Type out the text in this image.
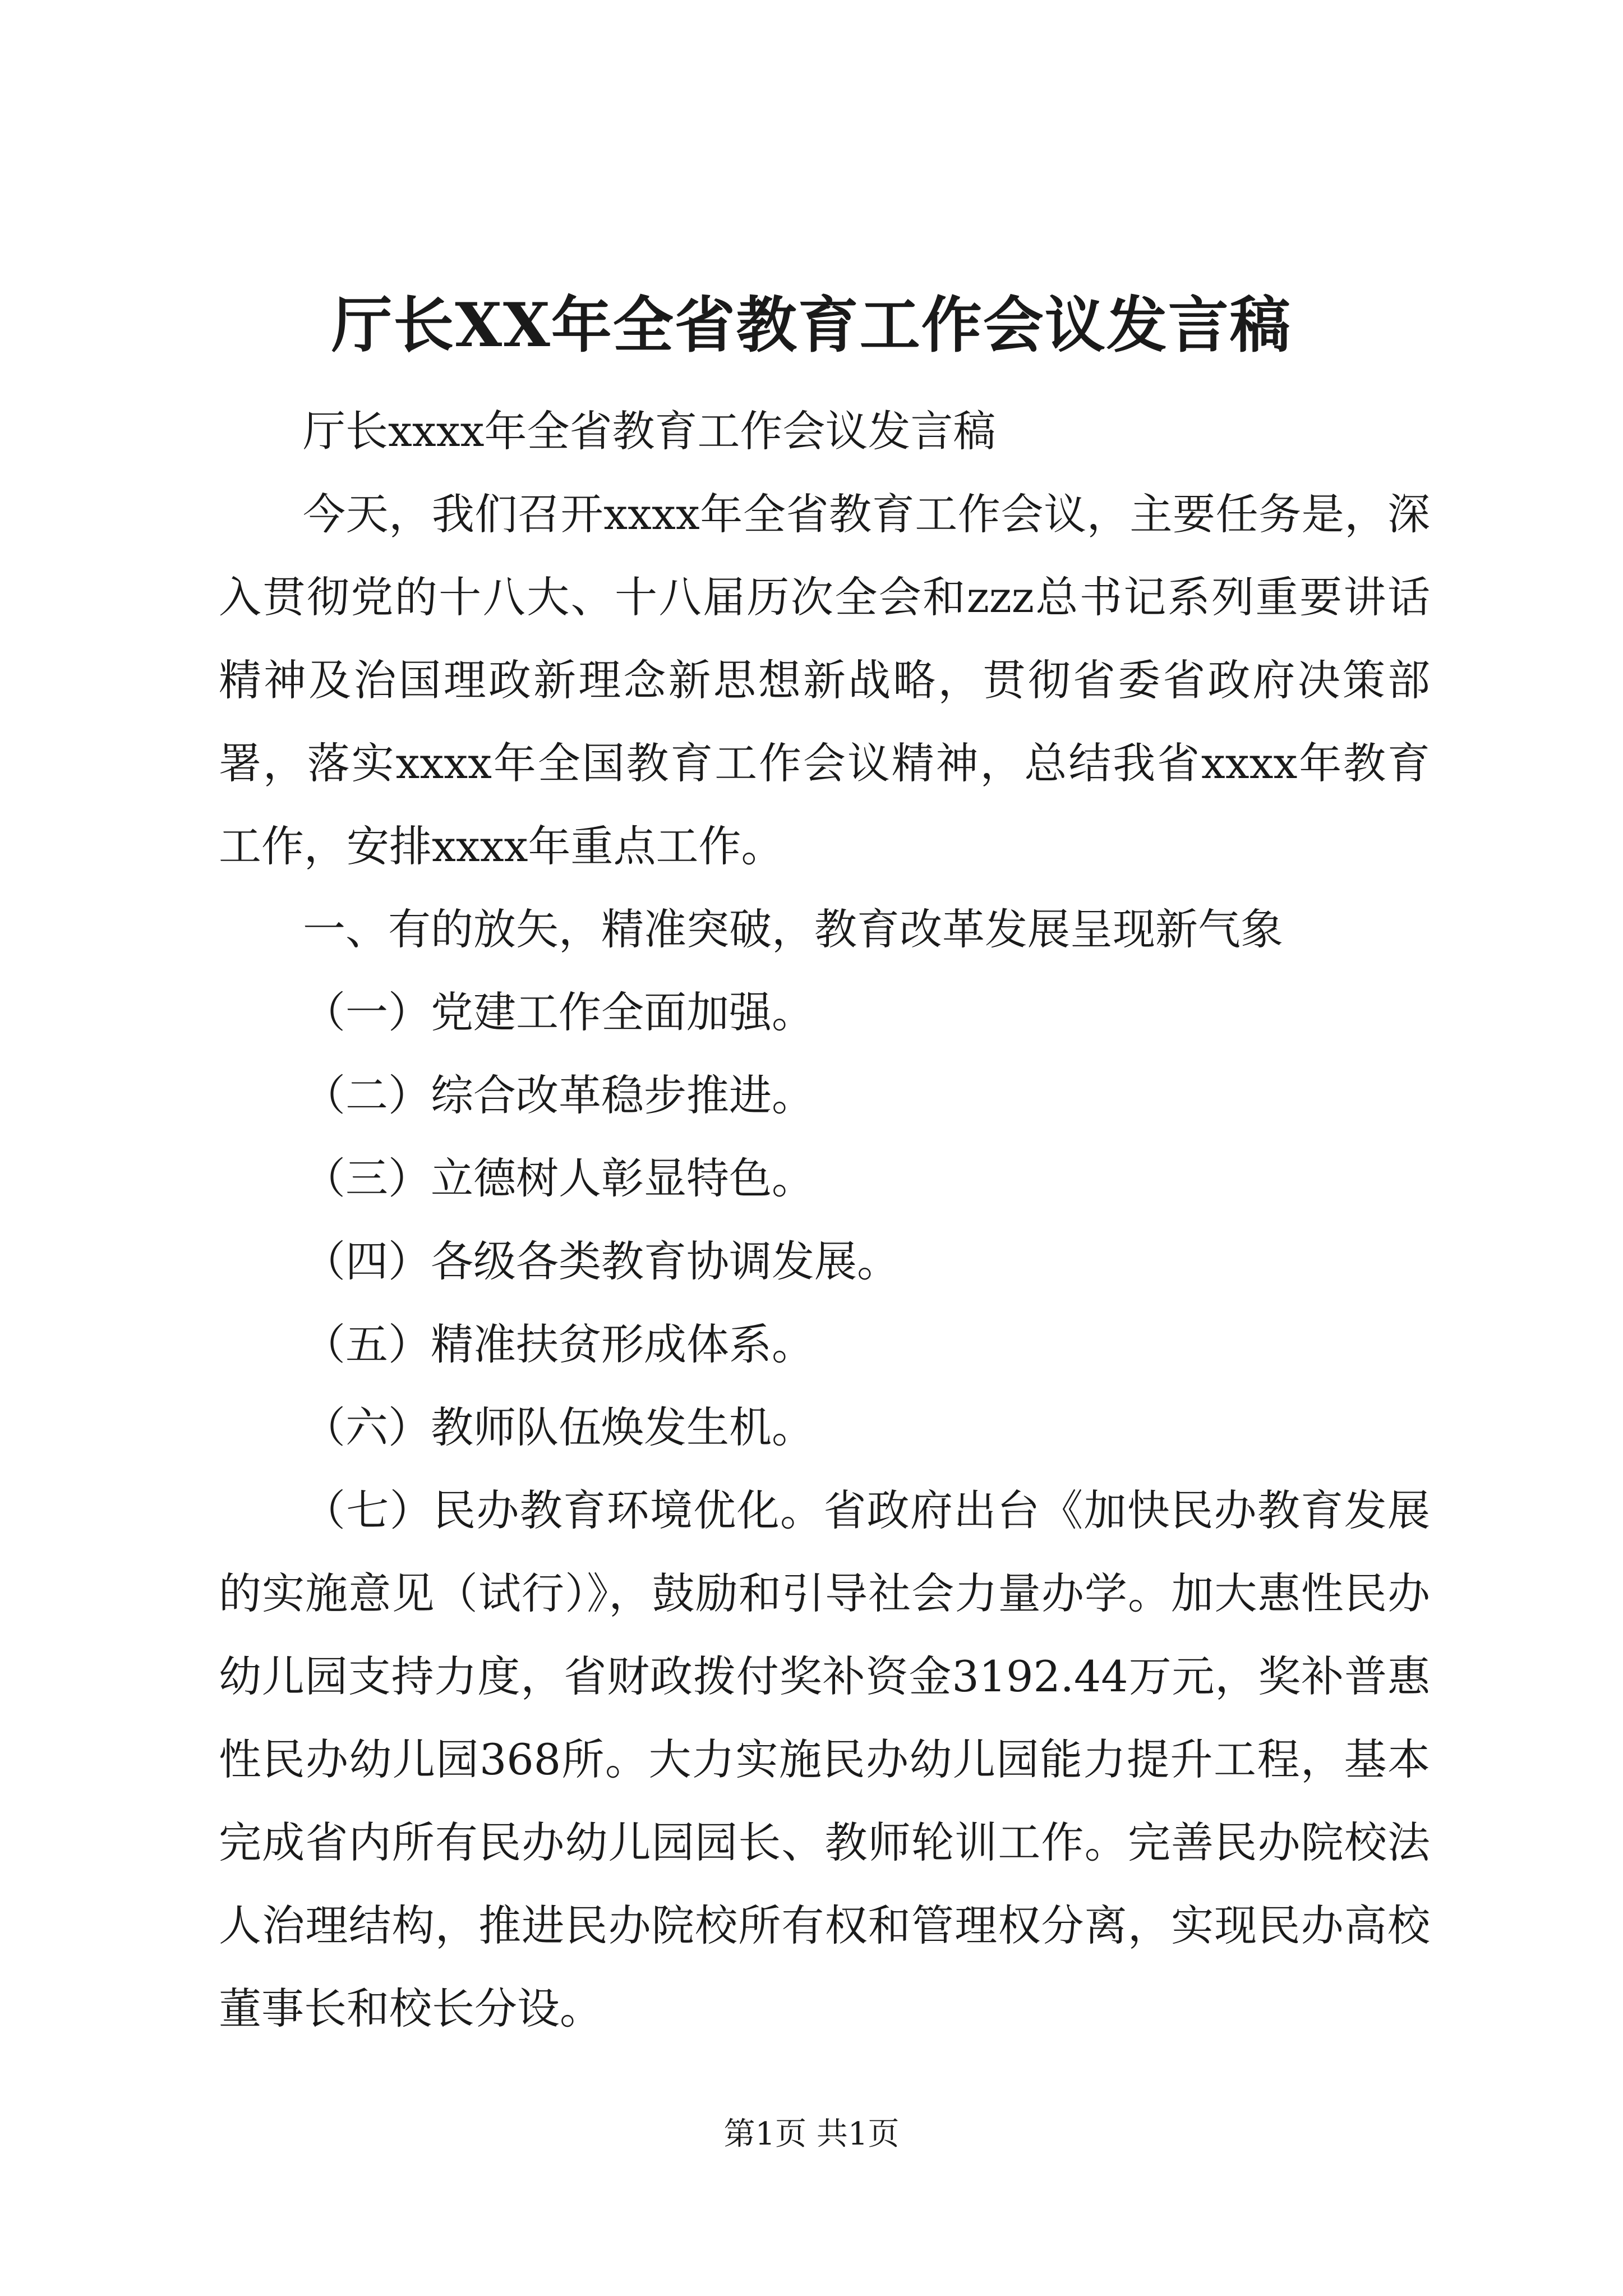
厅长XX年全省教育工作会议发言稿

厅长xxxx年全省教育工作会议发言稿

今天，我们召开xxxx年全省教育工作会议，主要任务是，深入贯彻党的十八大、十八届历次全会和zzz总书记系列重要讲话精神及治国理政新理念新思想新战略，贯彻省委省政府决策部署，落实xxxx年全国教育工作会议精神，总结我省xxxx年教育工作，安排xxxx年重点工作。

一、有的放矢，精准突破，教育改革发展呈现新气象

（一）党建工作全面加强。

（二）综合改革稳步推进。

（三）立德树人彰显特色。

（四）各级各类教育协调发展。

（五）精准扶贫形成体系。

（六）教师队伍焕发生机。

（七）民办教育环境优化。省政府出台《加快民办教育发展的实施意见（试行）》，鼓励和引导社会力量办学。加大惠性民办幼儿园支持力度，省财政拨付奖补资金3192.44万元，奖补普惠性民办幼儿园368所。大力实施民办幼儿园能力提升工程，基本完成省内所有民办幼儿园园长、教师轮训工作。完善民办院校法人治理结构，推进民办院校所有权和管理权分离，实现民办高校董事长和校长分设。

第1页 共1页
